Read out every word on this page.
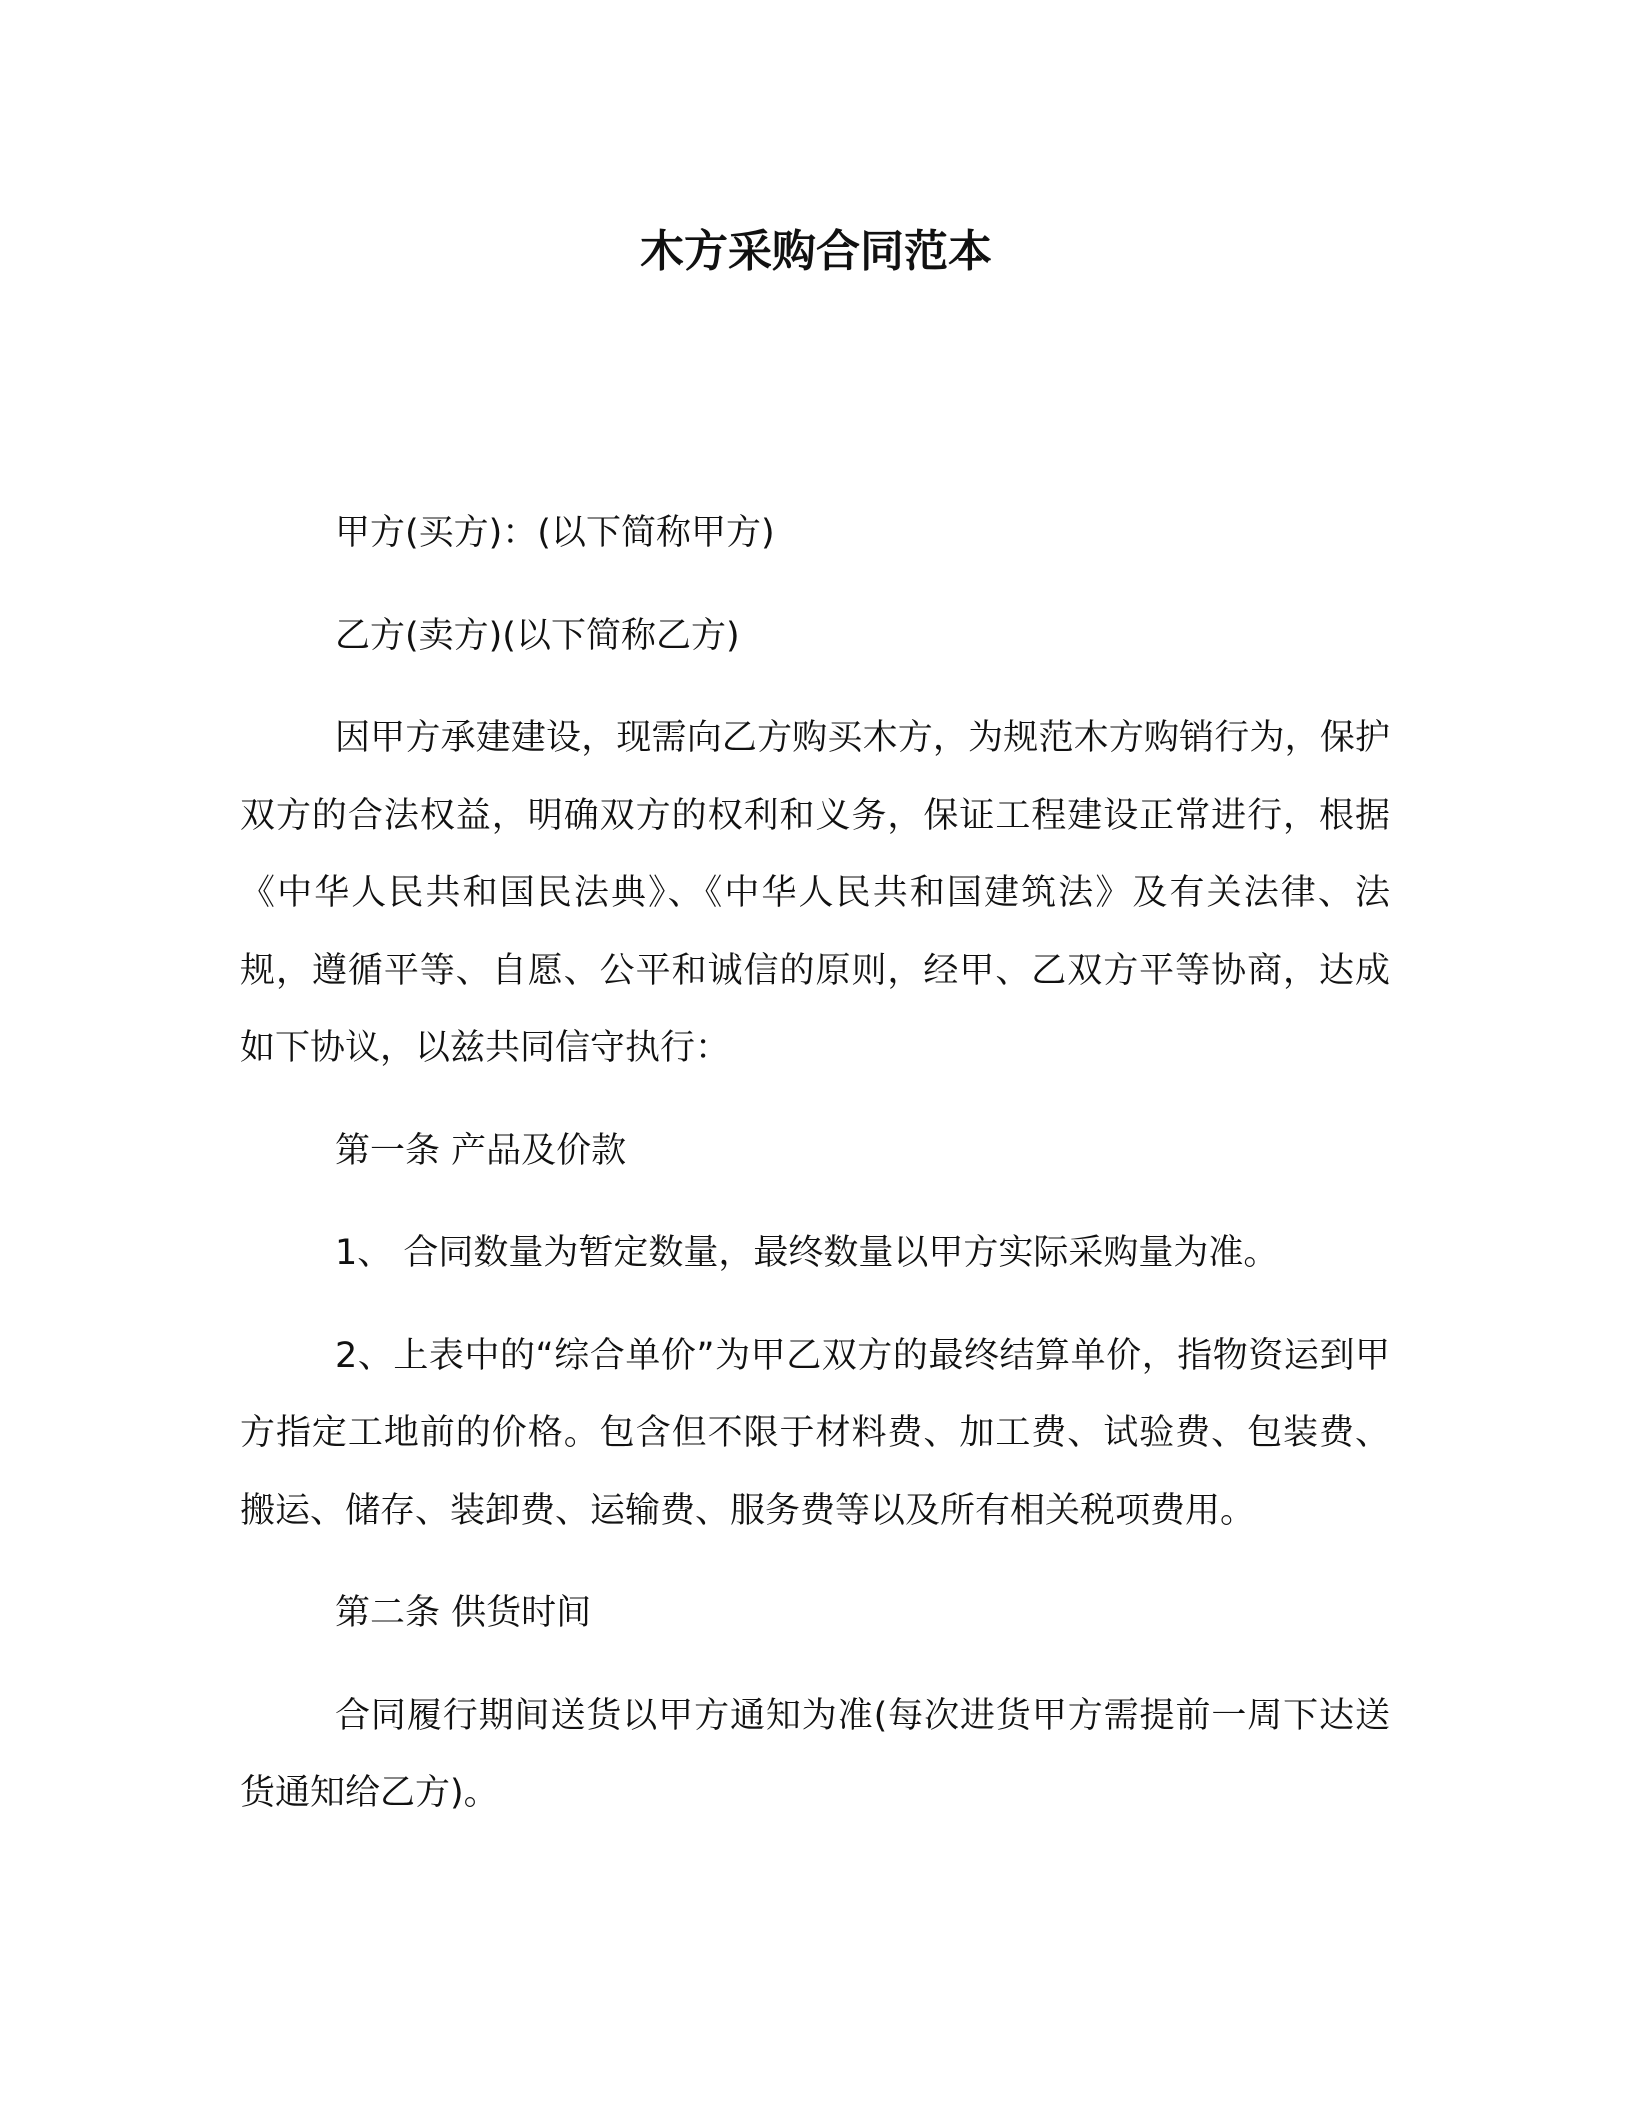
木方采购合同范本

甲方(买方)：(以下简称甲方)

乙方(卖方)(以下简称乙方)

因甲方承建建设，现需向乙方购买木方，为规范木方购销行为，保护双方的合法权益，明确双方的权利和义务，保证工程建设正常进行，根据《中华人民共和国民法典》、《中华人民共和国建筑法》及有关法律、法规，遵循平等、自愿、公平和诚信的原则，经甲、乙双方平等协商，达成如下协议，以兹共同信守执行：

第一条 产品及价款

1、 合同数量为暂定数量，最终数量以甲方实际采购量为准。

2、上表中的“综合单价”为甲乙双方的最终结算单价，指物资运到甲方指定工地前的价格。包含但不限于材料费、加工费、试验费、包装费、搬运、储存、装卸费、运输费、服务费等以及所有相关税项费用。

第二条 供货时间

合同履行期间送货以甲方通知为准(每次进货甲方需提前一周下达送货通知给乙方)。
